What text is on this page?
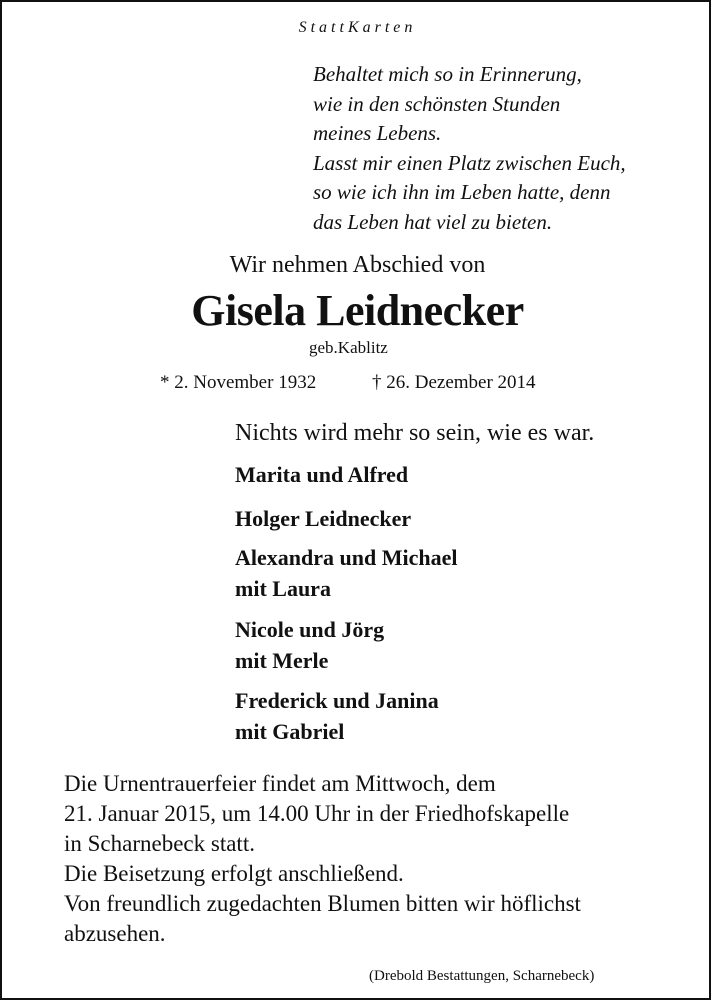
StattKarten
Behaltet mich so in Erinnerung,
wie in den schönsten Stunden
meines Lebens.
Lasst mir einen Platz zwischen Euch,
so wie ich ihn im Leben hatte, denn
das Leben hat viel zu bieten.
Wir nehmen Abschied von
Gisela Leidnecker
geb.Kablitz
* 2. November 1932	† 26. Dezember 2014
Nichts wird mehr so sein, wie es war.
Marita und Alfred
Holger Leidnecker
Alexandra und Michael
mit Laura
Nicole und Jörg
mit Merle
Frederick und Janina
mit Gabriel
Die Urnentrauerfeier findet am Mittwoch, dem
21. Januar 2015, um 14.00 Uhr in der Friedhofskapelle
in Scharnebeck statt.
Die Beisetzung erfolgt anschließend.
Von freundlich zugedachten Blumen bitten wir höflichst
abzusehen.
(Drebold Bestattungen, Scharnebeck)
